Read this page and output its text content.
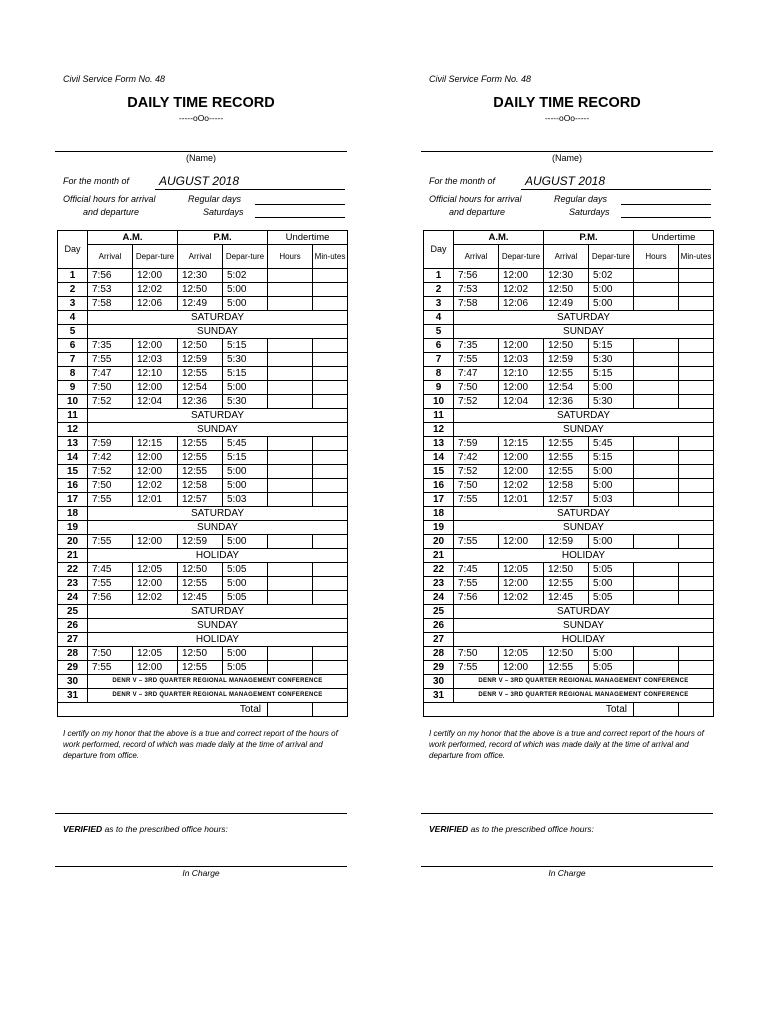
Civil Service Form No. 48
DAILY TIME RECORD
-----oOo-----
(Name)
For the month of	AUGUST 2018
Official hours for arrival
and departure
Regular days
Saturdays
Day	A.M.		P.M.		Undertime	
	Arrival	Depar-ture	Arrival	Depar-ture	Hours	Min-utes
1	7:56	12:00	12:30	5:02		
2	7:53	12:02	12:50	5:00		
3	7:58	12:06	12:49	5:00		
4	SATURDAY					
5	SUNDAY					
6	7:35	12:00	12:50	5:15		
7	7:55	12:03	12:59	5:30		
8	7:47	12:10	12:55	5:15		
9	7:50	12:00	12:54	5:00		
10	7:52	12:04	12:36	5:30		
11	SATURDAY					
12	SUNDAY					
13	7:59	12:15	12:55	5:45		
14	7:42	12:00	12:55	5:15		
15	7:52	12:00	12:55	5:00		
16	7:50	12:02	12:58	5:00		
17	7:55	12:01	12:57	5:03		
18	SATURDAY					
19	SUNDAY					
20	7:55	12:00	12:59	5:00		
21	HOLIDAY					
22	7:45	12:05	12:50	5:05		
23	7:55	12:00	12:55	5:00		
24	7:56	12:02	12:45	5:05		
25	SATURDAY					
26	SUNDAY					
27	HOLIDAY					
28	7:50	12:05	12:50	5:00		
29	7:55	12:00	12:55	5:05		
30	DENR V – 3RD QUARTER REGIONAL MANAGEMENT CONFERENCE					
31	DENR V – 3RD QUARTER REGIONAL MANAGEMENT CONFERENCE					
Total						
I certify on my honor that the above is a true and correct report of the hours of work performed, record of which was made daily at the time of arrival and departure from office.
VERIFIED as to the prescribed office hours:
In Charge
Civil Service Form No. 48
DAILY TIME RECORD
-----oOo-----
(Name)
For the month of	AUGUST 2018
Official hours for arrival
and departure
Regular days
Saturdays
Day	A.M.		P.M.		Undertime	
	Arrival	Depar-ture	Arrival	Depar-ture	Hours	Min-utes
1	7:56	12:00	12:30	5:02		
2	7:53	12:02	12:50	5:00		
3	7:58	12:06	12:49	5:00		
4	SATURDAY					
5	SUNDAY					
6	7:35	12:00	12:50	5:15		
7	7:55	12:03	12:59	5:30		
8	7:47	12:10	12:55	5:15		
9	7:50	12:00	12:54	5:00		
10	7:52	12:04	12:36	5:30		
11	SATURDAY					
12	SUNDAY					
13	7:59	12:15	12:55	5:45		
14	7:42	12:00	12:55	5:15		
15	7:52	12:00	12:55	5:00		
16	7:50	12:02	12:58	5:00		
17	7:55	12:01	12:57	5:03		
18	SATURDAY					
19	SUNDAY					
20	7:55	12:00	12:59	5:00		
21	HOLIDAY					
22	7:45	12:05	12:50	5:05		
23	7:55	12:00	12:55	5:00		
24	7:56	12:02	12:45	5:05		
25	SATURDAY					
26	SUNDAY					
27	HOLIDAY					
28	7:50	12:05	12:50	5:00		
29	7:55	12:00	12:55	5:05		
30	DENR V – 3RD QUARTER REGIONAL MANAGEMENT CONFERENCE					
31	DENR V – 3RD QUARTER REGIONAL MANAGEMENT CONFERENCE					
Total						
I certify on my honor that the above is a true and correct report of the hours of work performed, record of which was made daily at the time of arrival and departure from office.
VERIFIED as to the prescribed office hours:
In Charge
